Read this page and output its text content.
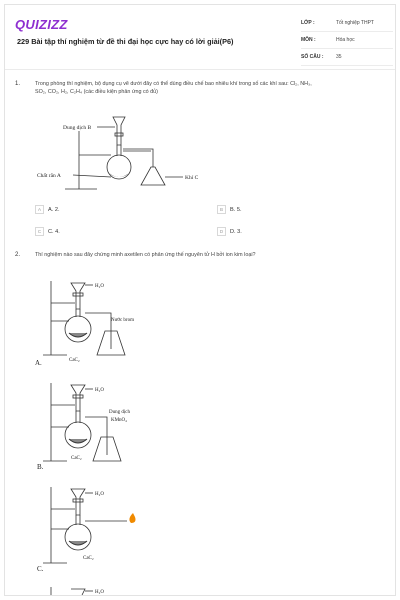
QUIZIZZ
229 Bài tập thí nghiệm từ đề thi đại học cực hay có lời giải(P6)
LỚP :	Tốt nghiệp THPT
MÔN :	Hóa học
SỐ CÂU :	35
1.	Trong phòng thí nghiệm, bộ dụng cụ vẽ dưới đây có thể dùng điều chế bao nhiêu khí trong số các khí sau: Cl₂, NH₃,
SO₂, CO₂, H₂, C₂H₄ (các điều kiện phản ứng có đủ)
Dung dịch B
Chất rắn A	Khí C
A	A. 2.	B	B. 5.
C	C. 4.	D	D. 3.
2.	Thí nghiệm nào sau đây chứng minh axetilen có phản ứng thế nguyên tử H bởi ion kim loại?
H₂O
Nước brom
CaC₂
A.
H₂O
Dung dịch
KMnO₄
CaC₂
B.
H₂O
CaC₂
C.
H₂O
